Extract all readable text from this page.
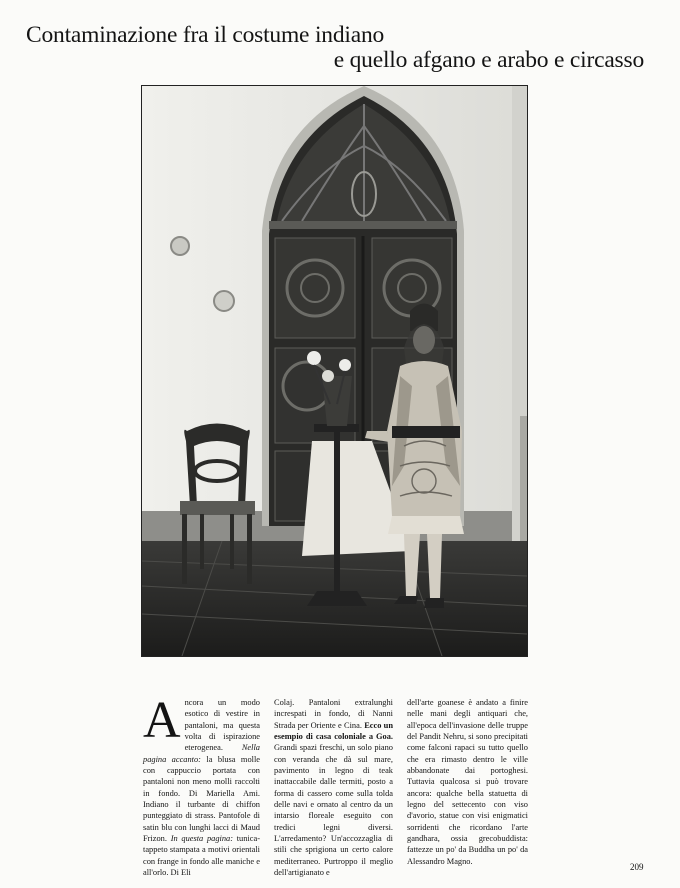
Contaminazione fra il costume indiano
e quello afgano e arabo e circasso
A ncora un modo esotico di vestire in pantaloni, ma questa volta di ispirazione eterogenea. Nella pagina accanto: la blusa molle con cappuccio portata con pantaloni non meno molli raccolti in fondo. Di Mariella Ami. Indiano il turbante di chiffon punteggiato di strass. Pantofole di satin blu con lunghi lacci di Maud Frizon. In questa pagina: tunica-tappeto stampata a motivi orientali con frange in fondo alle maniche e all'orlo. Di Eli
Colaj. Pantaloni extralunghi increspati in fondo, di Nanni Strada per Oriente e Cina. Ecco un esempio di casa coloniale a Goa. Grandi spazi freschi, un solo piano con veranda che dà sul mare, pavimento in legno di teak inattaccabile dalle termiti, posto a forma di cassero come sulla tolda delle navi e ornato al centro da un intarsio floreale eseguito con tredici legni diversi. L'arredamento? Un'accozzaglia di stili che sprigiona un certo calore mediterraneo. Purtroppo il meglio dell'artigianato e
dell'arte goanese è andato a finire nelle mani degli antiquari che, all'epoca dell'invasione delle truppe del Pandit Nehru, si sono precipitati come falconi rapaci su tutto quello che era rimasto dentro le ville abbandonate dai portoghesi. Tuttavia qualcosa si può trovare ancora: qualche bella statuetta di legno del settecento con viso d'avorio, statue con visi enigmatici sorridenti che ricordano l'arte gandhara, ossia grecobuddista: fattezze un po' da Buddha un po' da Alessandro Magno.
209
